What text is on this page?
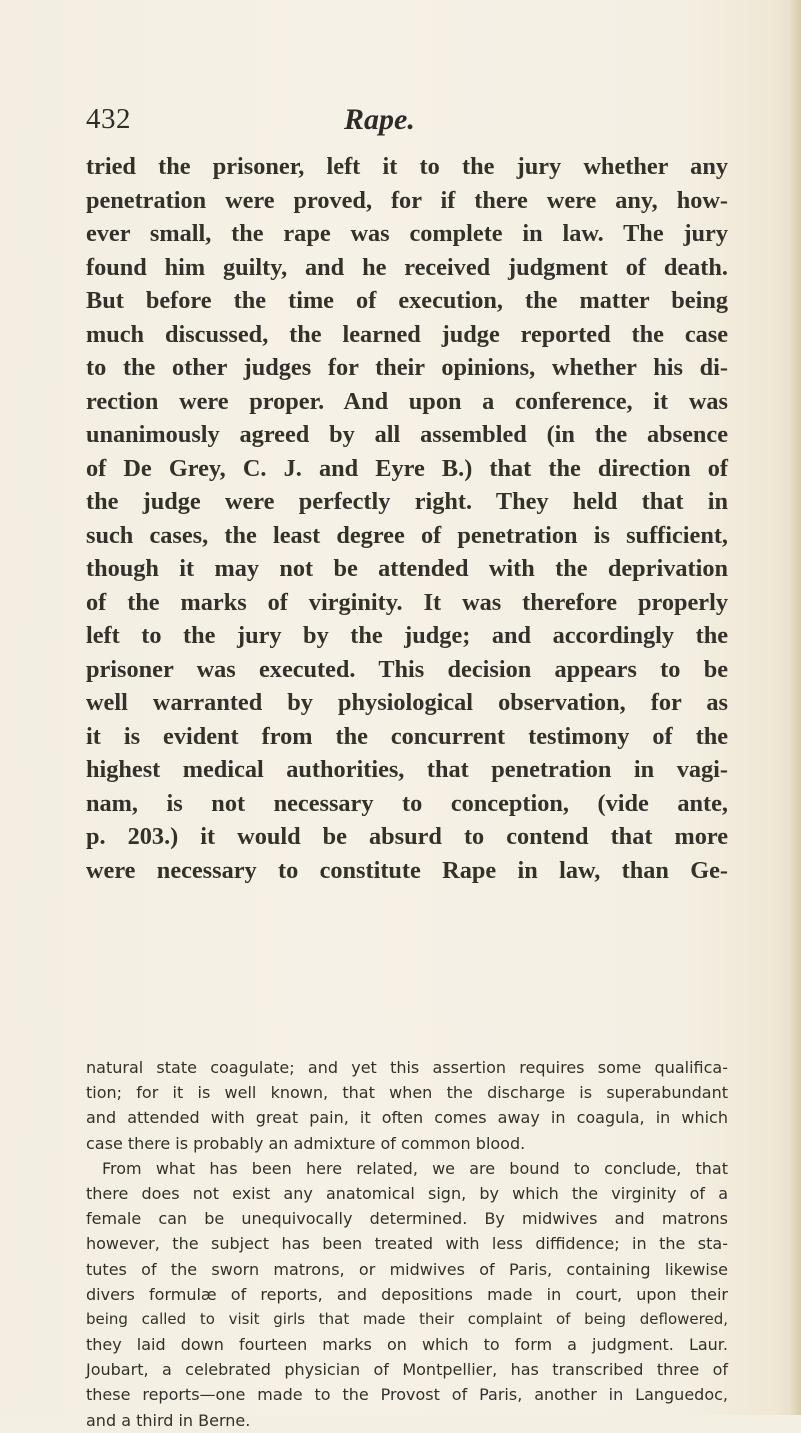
432	Rape.
tried the prisoner, left it to the jury whether any
penetration were proved, for if there were any, how-
ever small, the rape was complete in law. The jury
found him guilty, and he received judgment of death.
But before the time of execution, the matter being
much discussed, the learned judge reported the case
to the other judges for their opinions, whether his di-
rection were proper. And upon a conference, it was
unanimously agreed by all assembled (in the absence
of De Grey, C. J. and Eyre B.) that the direction of
the judge were perfectly right. They held that in
such cases, the least degree of penetration is sufficient,
though it may not be attended with the deprivation
of the marks of virginity. It was therefore properly
left to the jury by the judge; and accordingly the
prisoner was executed. This decision appears to be
well warranted by physiological observation, for as
it is evident from the concurrent testimony of the
highest medical authorities, that penetration in vagi-
nam, is not necessary to conception, (vide ante,
p. 203.) it would be absurd to contend that more
were necessary to constitute Rape in law, than Ge-
natural state coagulate; and yet this assertion requires some qualifica-
tion; for it is well known, that when the discharge is superabundant
and attended with great pain, it often comes away in coagula, in which
case there is probably an admixture of common blood.
From what has been here related, we are bound to conclude, that
there does not exist any anatomical sign, by which the virginity of a
female can be unequivocally determined. By midwives and matrons
however, the subject has been treated with less diffidence; in the sta-
tutes of the sworn matrons, or midwives of Paris, containing likewise
divers formulæ of reports, and depositions made in court, upon their
being called to visit girls that made their complaint of being deflowered,
they laid down fourteen marks on which to form a judgment. Laur.
Joubart, a celebrated physician of Montpellier, has transcribed three of
these reports—one made to the Provost of Paris, another in Languedoc,
and a third in Berne.
